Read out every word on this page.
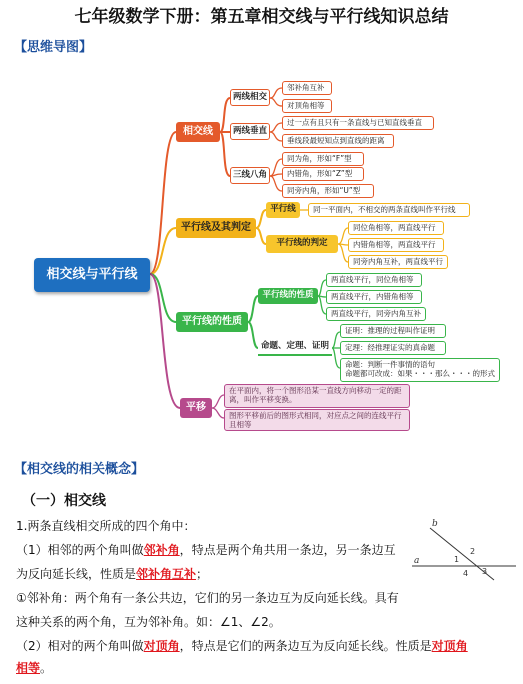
七年级数学下册：第五章相交线与平行线知识总结
【思维导图】
相交线与平行线
相交线
两线相交
两线垂直
三线八角
邻补角互补
对顶角相等
过一点有且只有一条直线与已知直线垂直
垂线段最短知点到直线的距离
同为角，形如“F”型
内错角，形如“Z”型
同旁内角，形如“U”型
平行线及其判定
平行线
平行线的判定
同一平面内，不相交的两条直线叫作平行线
同位角相等，两直线平行
内错角相等，两直线平行
同旁内角互补，两直线平行
平行线的性质
平行线的性质
命题、定理、证明
两直线平行，同位角相等
两直线平行，内错角相等
两直线平行，同旁内角互补
证明：推理的过程叫作证明
定理：经推理证实的真命题
命题：判断一件事情的语句
命题都可改成：如果・・・那么・・・的形式
平移
在平面内，将一个图形沿某一直线方向移动一定的距离，叫作平移变换。
图形平移前后的图形式相同，对应点之间的连线平行且相等
【相交线的相关概念】
（一）相交线
1.两条直线相交所成的四个角中：
（1）相邻的两个角叫做邻补角，特点是两个角共用一条边，另一条边互
为反向延长线，性质是邻补角互补；
①邻补角：两个角有一条公共边，它们的另一条边互为反向延长线。具有
这种关系的两个角，互为邻补角。如：∠1、∠2。
（2）相对的两个角叫做对顶角，特点是它们的两条边互为反向延长线。性质是对顶角
相等。
b
a	1
2
3
4
